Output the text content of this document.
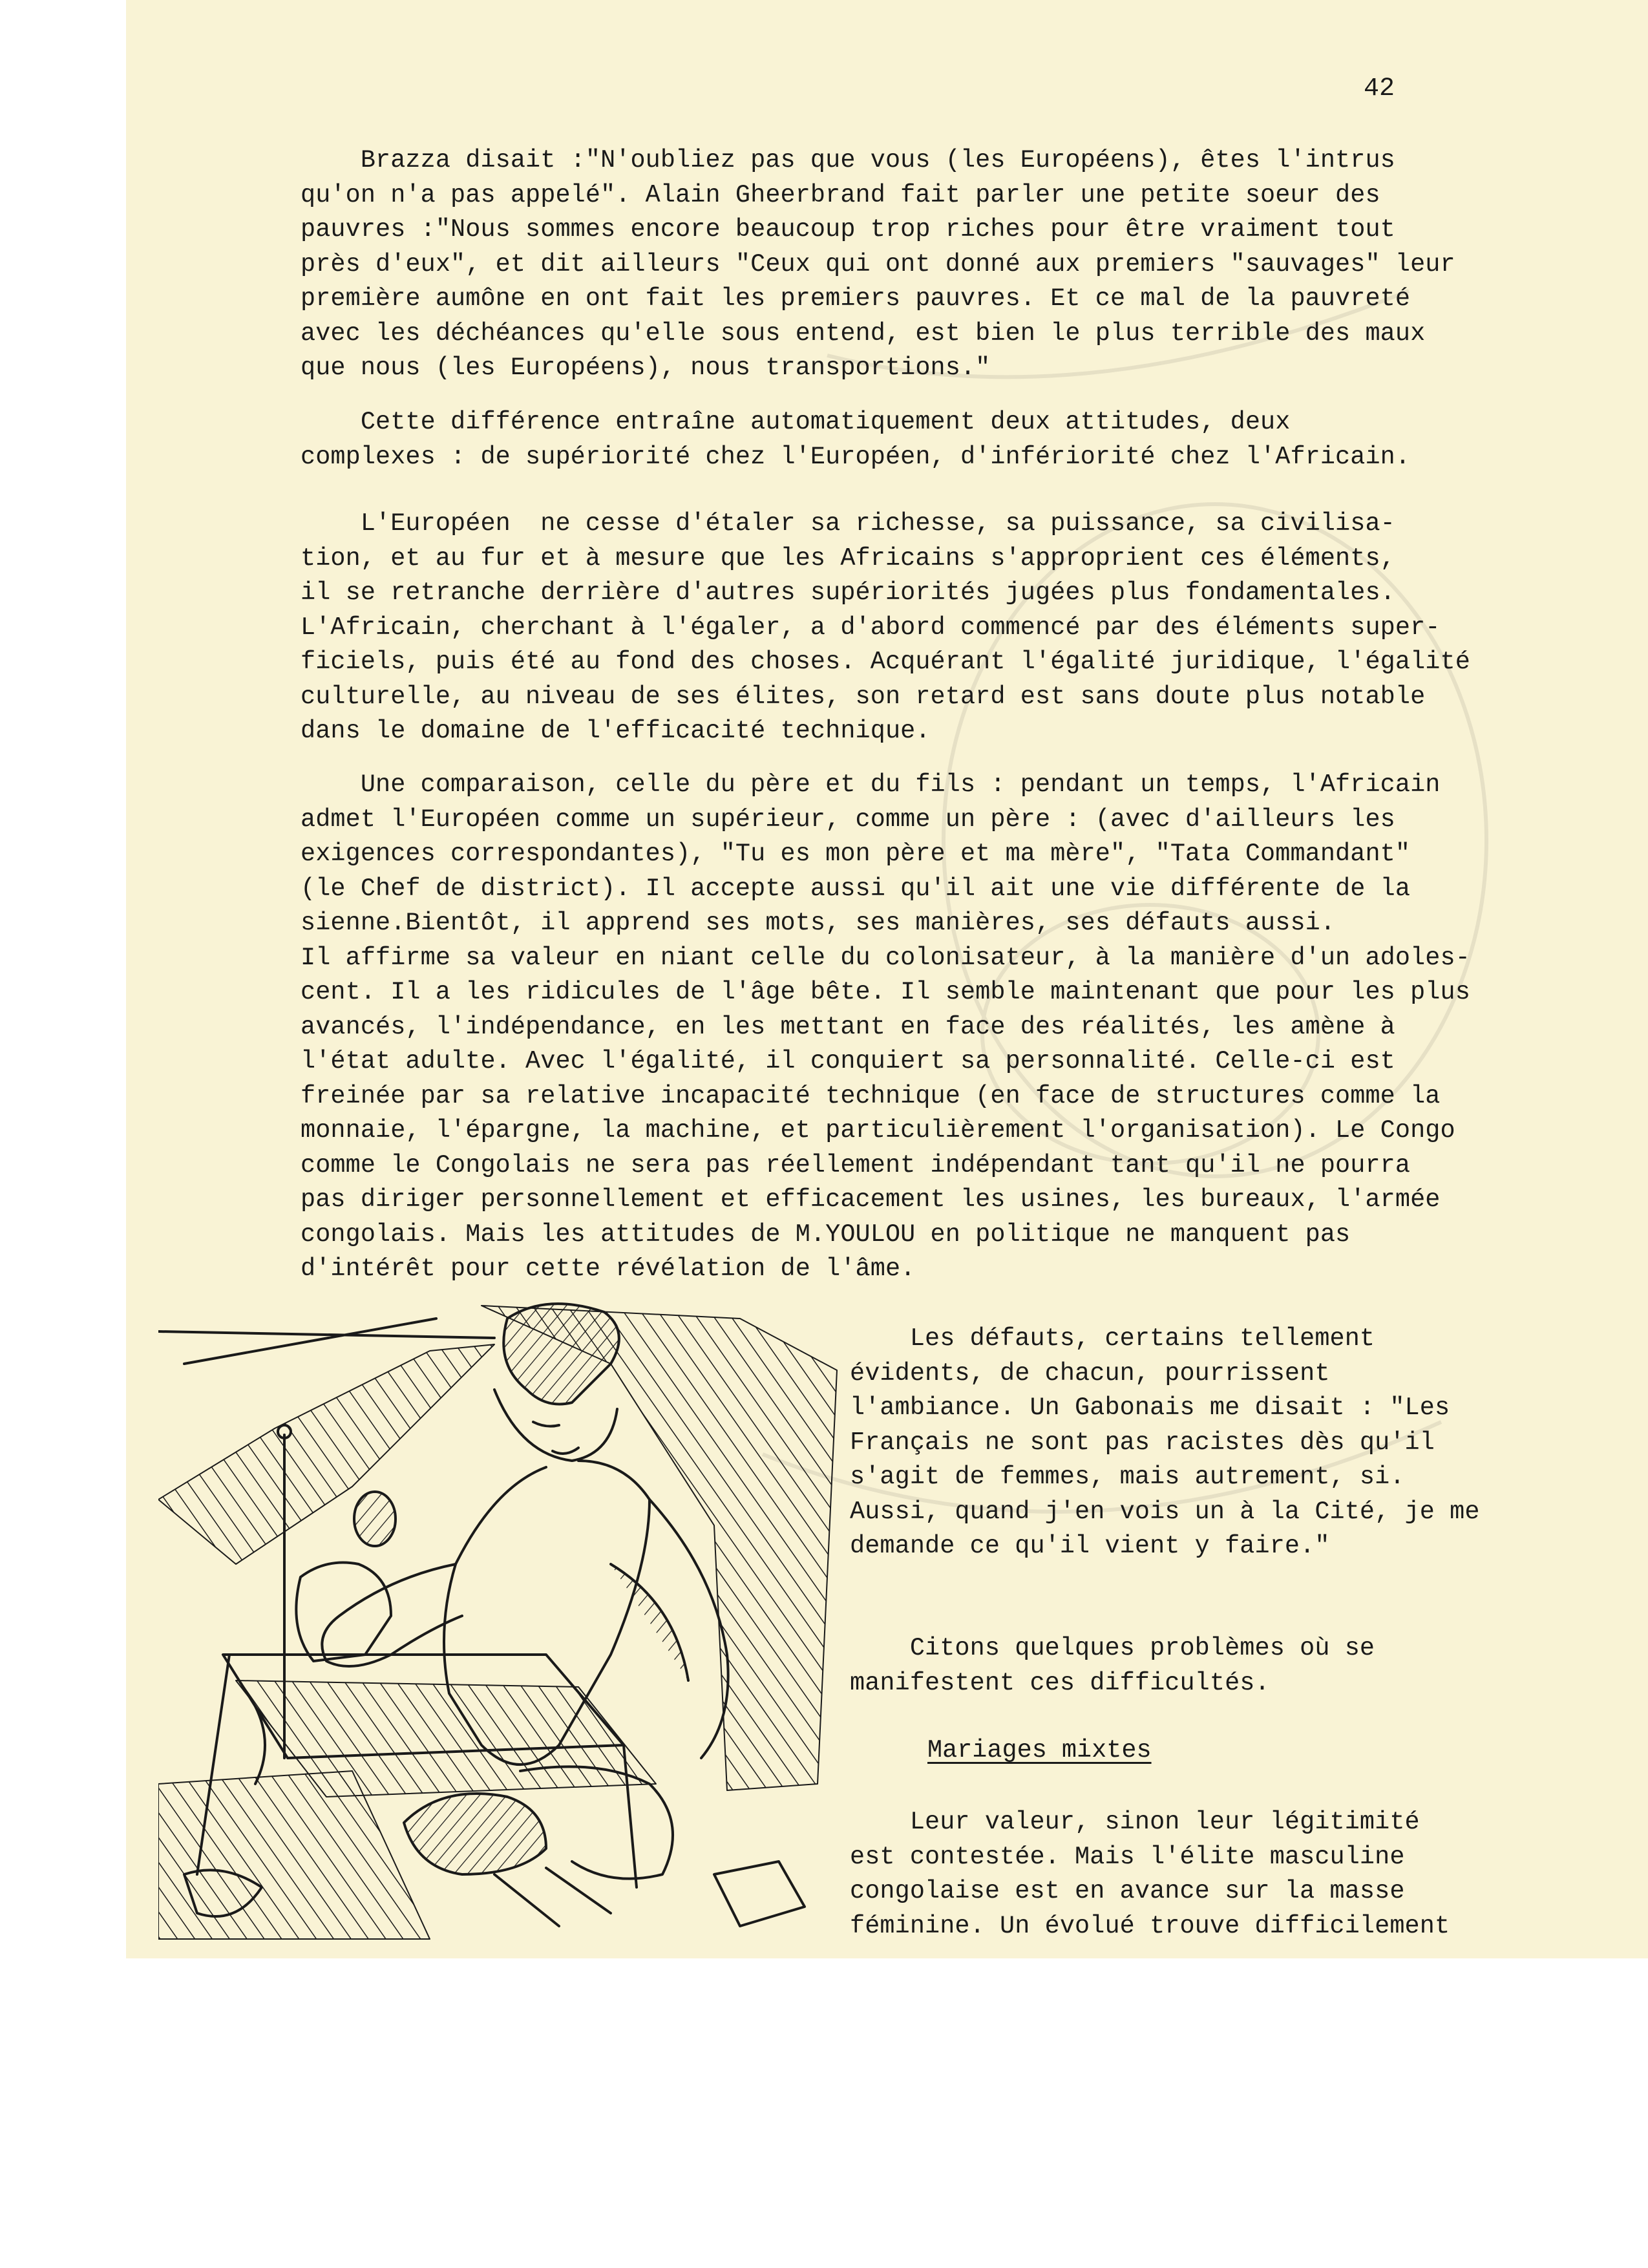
42

Brazza disait :"N'oubliez pas que vous (les Européens), êtes l'intrus
qu'on n'a pas appelé". Alain Gheerbrand fait parler une petite soeur des
pauvres :"Nous sommes encore beaucoup trop riches pour être vraiment tout
près d'eux", et dit ailleurs "Ceux qui ont donné aux premiers "sauvages" leur
première aumône en ont fait les premiers pauvres. Et ce mal de la pauvreté
avec les déchéances qu'elle sous entend, est bien le plus terrible des maux
que nous (les Européens), nous transportions."

Cette différence entraîne automatiquement deux attitudes, deux
complexes : de supériorité chez l'Européen, d'infériorité chez l'Africain.

L'Européen  ne cesse d'étaler sa richesse, sa puissance, sa civilisa-
tion, et au fur et à mesure que les Africains s'approprient ces éléments,
il se retranche derrière d'autres supériorités jugées plus fondamentales.
L'Africain, cherchant à l'égaler, a d'abord commencé par des éléments super-
ficiels, puis été au fond des choses. Acquérant l'égalité juridique, l'égalité
culturelle, au niveau de ses élites, son retard est sans doute plus notable
dans le domaine de l'efficacité technique.

Une comparaison, celle du père et du fils : pendant un temps, l'Africain
admet l'Européen comme un supérieur, comme un père : (avec d'ailleurs les
exigences correspondantes), "Tu es mon père et ma mère", "Tata Commandant"
(le Chef de district). Il accepte aussi qu'il ait une vie différente de la
sienne.Bientôt, il apprend ses mots, ses manières, ses défauts aussi.
Il affirme sa valeur en niant celle du colonisateur, à la manière d'un adoles-
cent. Il a les ridicules de l'âge bête. Il semble maintenant que pour les plus
avancés, l'indépendance, en les mettant en face des réalités, les amène à
l'état adulte. Avec l'égalité, il conquiert sa personnalité. Celle-ci est
freinée par sa relative incapacité technique (en face de structures comme la
monnaie, l'épargne, la machine, et particulièrement l'organisation). Le Congo
comme le Congolais ne sera pas réellement indépendant tant qu'il ne pourra
pas diriger personnellement et efficacement les usines, les bureaux, l'armée
congolais. Mais les attitudes de M.YOULOU en politique ne manquent pas
d'intérêt pour cette révélation de l'âme.

Les défauts, certains tellement
évidents, de chacun, pourrissent
l'ambiance. Un Gabonais me disait : "Les
Français ne sont pas racistes dès qu'il
s'agit de femmes, mais autrement, si.
Aussi, quand j'en vois un à la Cité, je me
demande ce qu'il vient y faire."

Citons quelques problèmes où se
manifestent ces difficultés.

Mariages mixtes

Leur valeur, sinon leur légitimité
est contestée. Mais l'élite masculine
congolaise est en avance sur la masse
féminine. Un évolué trouve difficilement
